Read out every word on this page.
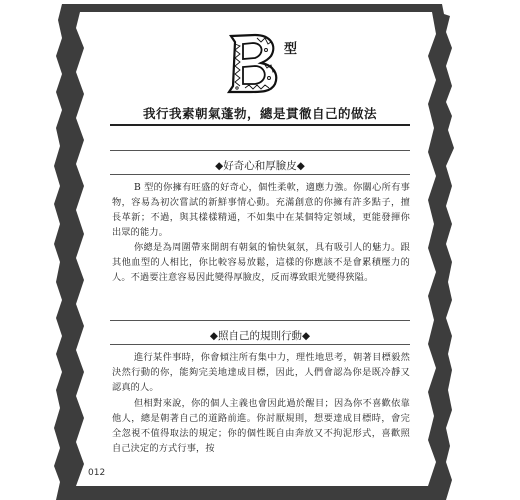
型
我行我素朝氣蓬勃，總是貫徹自己的做法
◆好奇心和厚臉皮◆

B 型的你擁有旺盛的好奇心，個性柔軟，適應力強。你關心所有事物，容易為初次嘗試的新鮮事情心動。充滿創意的你擁有許多點子，擅長革新；不過，與其樣樣精通，不如集中在某個特定領域，更能發揮你出眾的能力。

你總是為周圍帶來開朗有朝氣的愉快氣氛，具有吸引人的魅力。跟其他血型的人相比，你比較容易放鬆，這樣的你應該不是會累積壓力的人。不過要注意容易因此變得厚臉皮，反而導致眼光變得狹隘。

◆照自己的規則行動◆

進行某件事時，你會傾注所有集中力，理性地思考，朝著目標毅然決然行動的你，能夠完美地達成目標，因此，人們會認為你是既冷靜又認真的人。

但相對來說，你的個人主義也會因此過於醒目；因為你不喜歡依靠他人，總是朝著自己的道路前進。你討厭規則，想要達成目標時，會完全忽視不值得取法的規定；你的個性既自由奔放又不拘泥形式，喜歡照自己決定的方式行事，按

012
